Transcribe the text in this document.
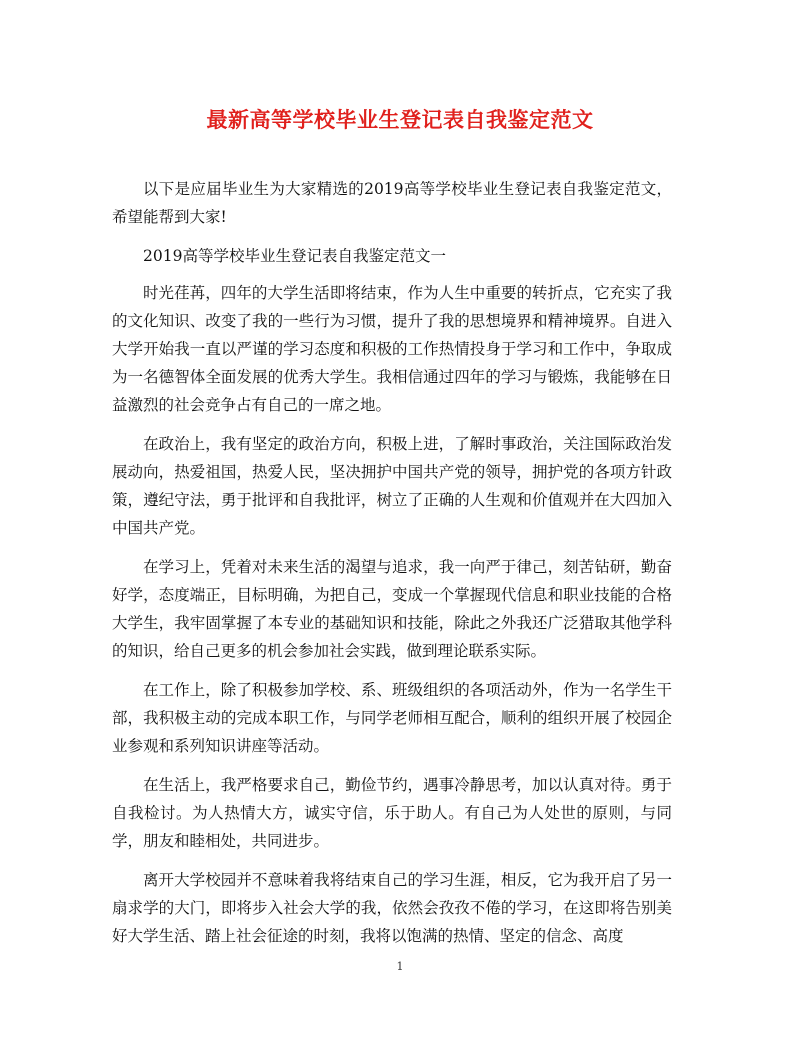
最新高等学校毕业生登记表自我鉴定范文

以下是应届毕业生为大家精选的2019高等学校毕业生登记表自我鉴定范文，希望能帮到大家!

2019高等学校毕业生登记表自我鉴定范文一

时光荏苒，四年的大学生活即将结束，作为人生中重要的转折点，它充实了我的文化知识、改变了我的一些行为习惯，提升了我的思想境界和精神境界。自进入大学开始我一直以严谨的学习态度和积极的工作热情投身于学习和工作中，争取成为一名德智体全面发展的优秀大学生。我相信通过四年的学习与锻炼，我能够在日益激烈的社会竞争占有自己的一席之地。

在政治上，我有坚定的政治方向，积极上进，了解时事政治，关注国际政治发展动向，热爱祖国，热爱人民，坚决拥护中国共产党的领导，拥护党的各项方针政策，遵纪守法，勇于批评和自我批评，树立了正确的人生观和价值观并在大四加入中国共产党。

在学习上，凭着对未来生活的渴望与追求，我一向严于律己，刻苦钻研，勤奋好学，态度端正，目标明确，为把自己，变成一个掌握现代信息和职业技能的合格大学生，我牢固掌握了本专业的基础知识和技能，除此之外我还广泛猎取其他学科的知识，给自己更多的机会参加社会实践，做到理论联系实际。

在工作上，除了积极参加学校、系、班级组织的各项活动外，作为一名学生干部，我积极主动的完成本职工作，与同学老师相互配合，顺利的组织开展了校园企业参观和系列知识讲座等活动。

在生活上，我严格要求自己，勤俭节约，遇事冷静思考，加以认真对待。勇于自我检讨。为人热情大方，诚实守信，乐于助人。有自己为人处世的原则，与同学，朋友和睦相处，共同进步。

离开大学校园并不意味着我将结束自己的学习生涯，相反，它为我开启了另一扇求学的大门，即将步入社会大学的我，依然会孜孜不倦的学习，在这即将告别美好大学生活、踏上社会征途的时刻，我将以饱满的热情、坚定的信念、高度

1
